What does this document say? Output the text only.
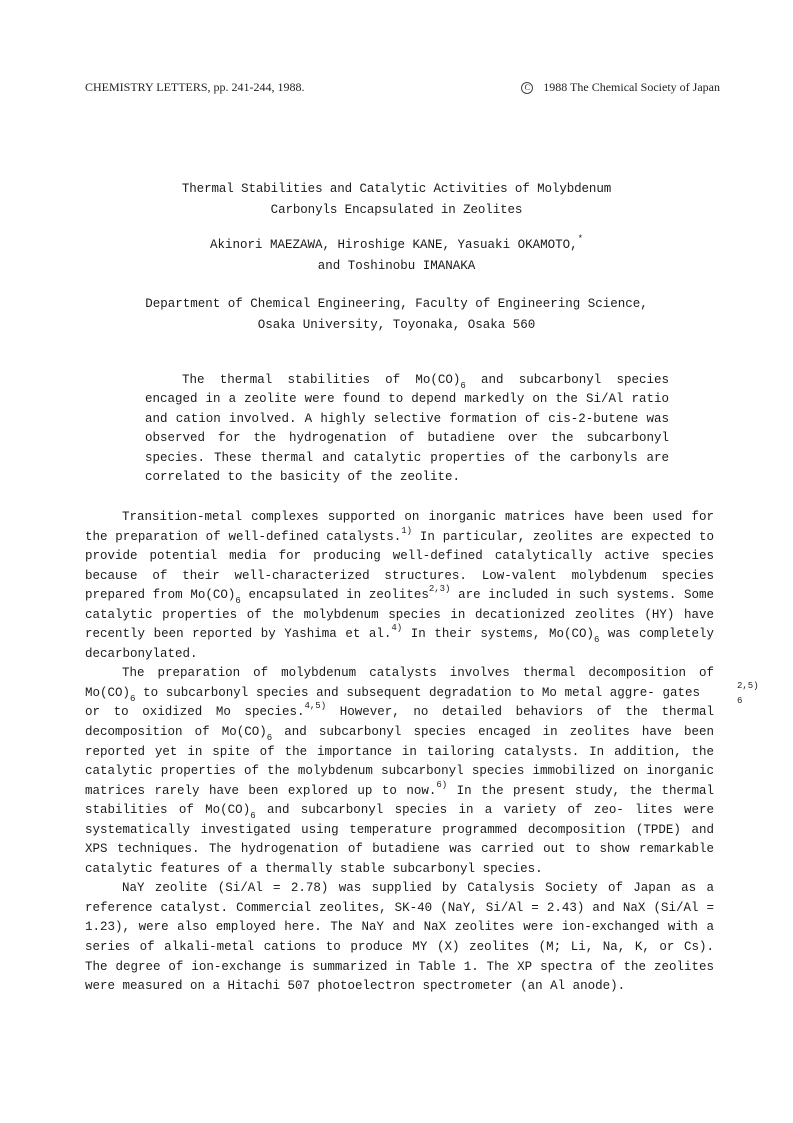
CHEMISTRY LETTERS, pp. 241-244, 1988.	C 1988 The Chemical Society of Japan
Thermal Stabilities and Catalytic Activities of Molybdenum
Carbonyls Encapsulated in Zeolites
Akinori MAEZAWA, Hiroshige KANE, Yasuaki OKAMOTO,*
and Toshinobu IMANAKA
Department of Chemical Engineering, Faculty of Engineering Science,
Osaka University, Toyonaka, Osaka 560

The thermal stabilities of $Mo(CO)_6$ and subcarbonyl species encaged in a zeolite were found to depend markedly on the Si/Al ratio and cation involved. A highly selective formation of cis-2-butene was observed for the hydrogenation of butadiene over the subcarbonyl species. These thermal and catalytic properties of the carbonyls are correlated to the basicity of the zeolite.

Transition-metal complexes supported on inorganic matrices have been used for the preparation of well-defined catalysts.$^{1)}$ In particular, zeolites are expected to provide potential media for producing well-defined catalytically active species because of their well-characterized structures. Low-valent molybdenum species prepared from $Mo(CO)_6$ encapsulated in zeolites$^{2,3)}$ are included in such systems. Some catalytic properties of the molybdenum species in decationized zeolites (HY) have recently been reported by Yashima et al.$^{4)}$ In their systems, $Mo(CO)_6$ was completely decarbonylated.

The preparation of molybdenum catalysts involves thermal decomposition of $Mo(CO)_6$ to subcarbonyl species and subsequent degradation to Mo metal aggre- gates	2,5)
6
or to oxidized Mo species.$^{4,5)}$ However, no detailed behaviors of the thermal decomposition of $Mo(CO)_6$ and subcarbonyl species encaged in zeolites have been reported yet in spite of the importance in tailoring catalysts. In addition, the catalytic properties of the molybdenum subcarbonyl species immobilized on inorganic matrices rarely have been explored up to now.$^{6)}$ In the present study, the thermal stabilities of $Mo(CO)_6$ and subcarbonyl species in a variety of zeo- lites were systematically investigated using temperature programmed decomposition (TPDE) and XPS techniques. The hydrogenation of butadiene was carried out to show remarkable catalytic features of a thermally stable subcarbonyl species.

NaY zeolite (Si/Al = 2.78) was supplied by Catalysis Society of Japan as a reference catalyst. Commercial zeolites, SK-40 (NaY, Si/Al = 2.43) and NaX (Si/Al = 1.23), were also employed here. The NaY and NaX zeolites were ion-exchanged with a series of alkali-metal cations to produce MY (X) zeolites (M; Li, Na, K, or Cs). The degree of ion-exchange is summarized in Table 1. The XP spectra of the zeolites were measured on a Hitachi 507 photoelectron spectrometer (an Al anode).
